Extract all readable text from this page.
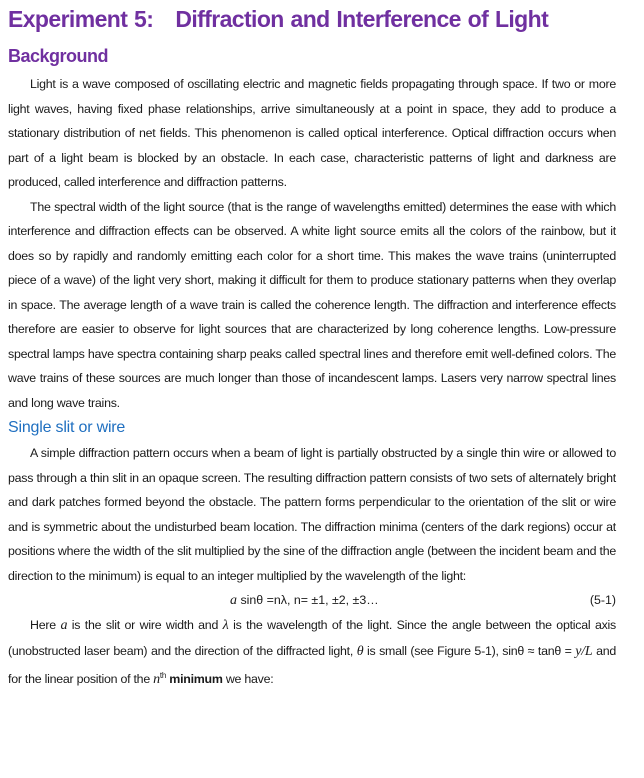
Experiment 5: Diffraction and Interference of Light
Background

Light is a wave composed of oscillating electric and magnetic fields propagating through space. If two or more light waves, having fixed phase relationships, arrive simultaneously at a point in space, they add to produce a stationary distribution of net fields. This phenomenon is called optical interference. Optical diffraction occurs when part of a light beam is blocked by an obstacle. In each case, characteristic patterns of light and darkness are produced, called interference and diffraction patterns.

The spectral width of the light source (that is the range of wavelengths emitted) determines the ease with which interference and diffraction effects can be observed. A white light source emits all the colors of the rainbow, but it does so by rapidly and randomly emitting each color for a short time. This makes the wave trains (uninterrupted piece of a wave) of the light very short, making it difficult for them to produce stationary patterns when they overlap in space. The average length of a wave train is called the coherence length. The diffraction and interference effects therefore are easier to observe for light sources that are characterized by long coherence lengths. Low-pressure spectral lamps have spectra containing sharp peaks called spectral lines and therefore emit well-defined colors. The wave trains of these sources are much longer than those of incandescent lamps. Lasers very narrow spectral lines and long wave trains.

Single slit or wire

A simple diffraction pattern occurs when a beam of light is partially obstructed by a single thin wire or allowed to pass through a thin slit in an opaque screen. The resulting diffraction pattern consists of two sets of alternately bright and dark patches formed beyond the obstacle. The pattern forms perpendicular to the orientation of the slit or wire and is symmetric about the undisturbed beam location. The diffraction minima (centers of the dark regions) occur at positions where the width of the slit multiplied by the sine of the diffraction angle (between the incident beam and the direction to the minimum) is equal to an integer multiplied by the wavelength of the light:

a sinθ =nλ, n= ±1, ±2, ±3…	(5-1)

Here a is the slit or wire width and λ is the wavelength of the light. Since the angle between the optical axis (unobstructed laser beam) and the direction of the diffracted light, θ is small (see Figure 5-1), sinθ ≈ tanθ = y/L and for the linear position of the $n^{th}$ minimum we have:
